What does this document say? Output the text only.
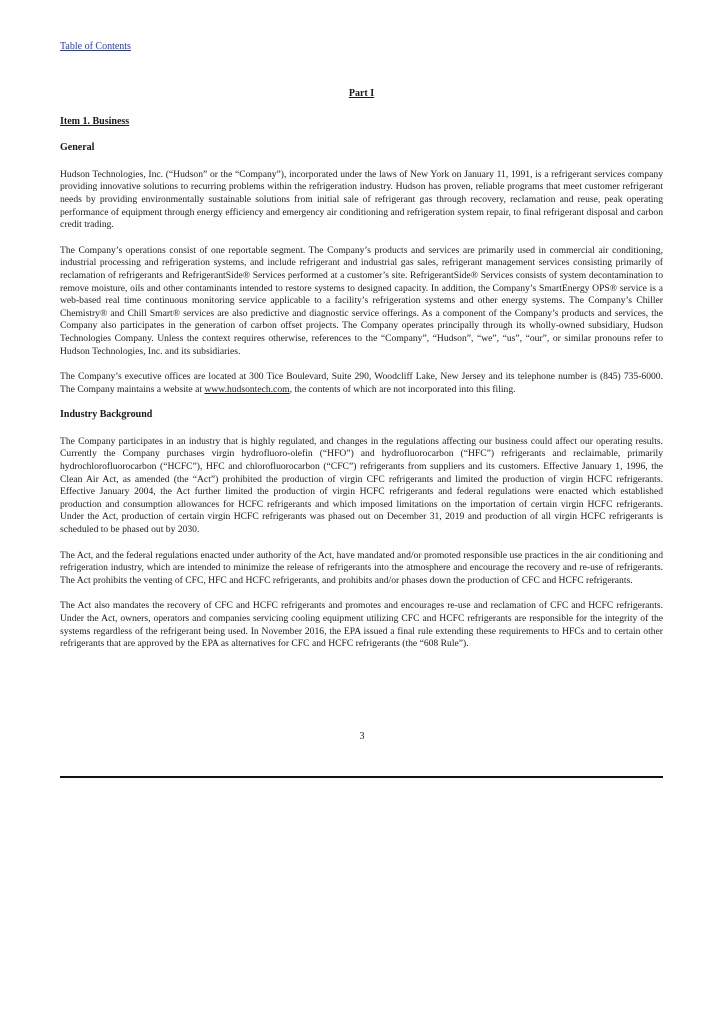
Table of Contents
Part I
Item 1. Business
General

Hudson Technologies, Inc. (“Hudson” or the “Company”), incorporated under the laws of New York on January 11, 1991, is a refrigerant services company providing innovative solutions to recurring problems within the refrigeration industry. Hudson has proven, reliable programs that meet customer refrigerant needs by providing environmentally sustainable solutions from initial sale of refrigerant gas through recovery, reclamation and reuse, peak operating performance of equipment through energy efficiency and emergency air conditioning and refrigeration system repair, to final refrigerant disposal and carbon credit trading.

The Company’s operations consist of one reportable segment. The Company’s products and services are primarily used in commercial air conditioning, industrial processing and refrigeration systems, and include refrigerant and industrial gas sales, refrigerant management services consisting primarily of reclamation of refrigerants and RefrigerantSide® Services performed at a customer’s site. RefrigerantSide® Services consists of system decontamination to remove moisture, oils and other contaminants intended to restore systems to designed capacity. In addition, the Company’s SmartEnergy OPS® service is a web-based real time continuous monitoring service applicable to a facility’s refrigeration systems and other energy systems. The Company’s Chiller Chemistry® and Chill Smart® services are also predictive and diagnostic service offerings. As a component of the Company’s products and services, the Company also participates in the generation of carbon offset projects. The Company operates principally through its wholly-owned subsidiary, Hudson Technologies Company. Unless the context requires otherwise, references to the “Company”, “Hudson”, “we”, “us”, “our”, or similar pronouns refer to Hudson Technologies, Inc. and its subsidiaries.

The Company’s executive offices are located at 300 Tice Boulevard, Suite 290, Woodcliff Lake, New Jersey and its telephone number is (845) 735-6000. The Company maintains a website at www.hudsontech.com, the contents of which are not incorporated into this filing.

Industry Background

The Company participates in an industry that is highly regulated, and changes in the regulations affecting our business could affect our operating results. Currently the Company purchases virgin hydrofluoro-olefin (“HFO”) and hydrofluorocarbon (“HFC”) refrigerants and reclaimable, primarily hydrochlorofluorocarbon (“HCFC”), HFC and chlorofluorocarbon (“CFC”) refrigerants from suppliers and its customers. Effective January 1, 1996, the Clean Air Act, as amended (the “Act”) prohibited the production of virgin CFC refrigerants and limited the production of virgin HCFC refrigerants. Effective January 2004, the Act further limited the production of virgin HCFC refrigerants and federal regulations were enacted which established production and consumption allowances for HCFC refrigerants and which imposed limitations on the importation of certain virgin HCFC refrigerants. Under the Act, production of certain virgin HCFC refrigerants was phased out on December 31, 2019 and production of all virgin HCFC refrigerants is scheduled to be phased out by 2030.

The Act, and the federal regulations enacted under authority of the Act, have mandated and/or promoted responsible use practices in the air conditioning and refrigeration industry, which are intended to minimize the release of refrigerants into the atmosphere and encourage the recovery and re-use of refrigerants. The Act prohibits the venting of CFC, HFC and HCFC refrigerants, and prohibits and/or phases down the production of CFC and HCFC refrigerants.

The Act also mandates the recovery of CFC and HCFC refrigerants and promotes and encourages re-use and reclamation of CFC and HCFC refrigerants. Under the Act, owners, operators and companies servicing cooling equipment utilizing CFC and HCFC refrigerants are responsible for the integrity of the systems regardless of the refrigerant being used. In November 2016, the EPA issued a final rule extending these requirements to HFCs and to certain other refrigerants that are approved by the EPA as alternatives for CFC and HCFC refrigerants (the “608 Rule”).

3
